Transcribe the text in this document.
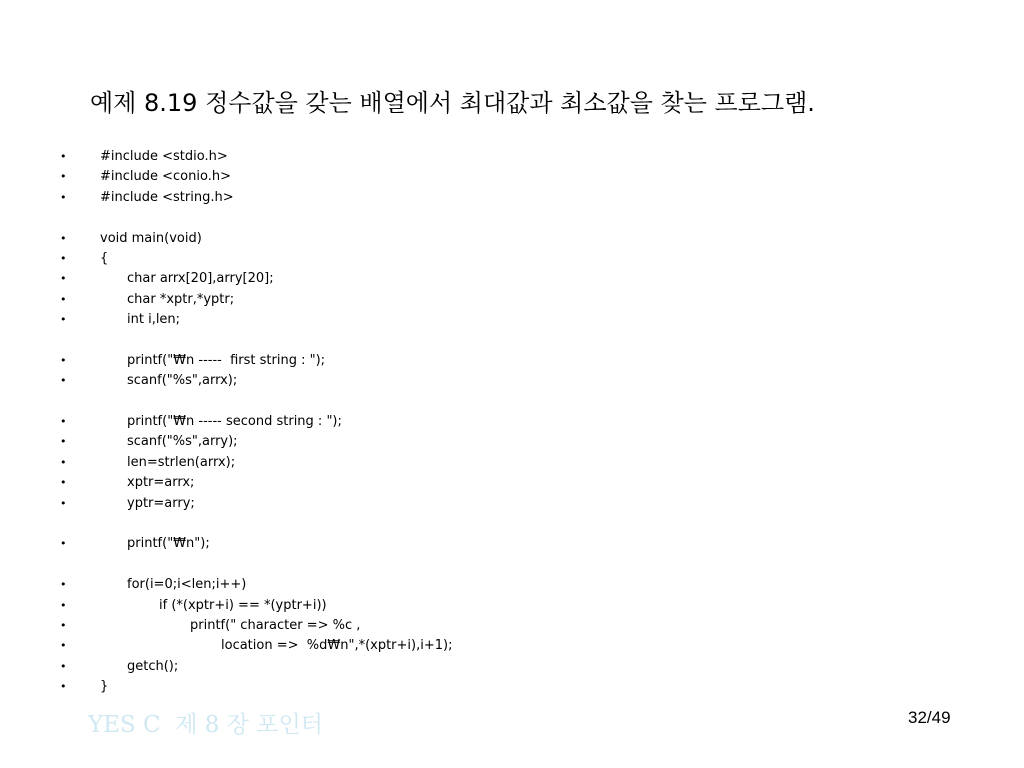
예제 8.19 정수값을 갖는 배열에서 최대값과 최소값을 찾는 프로그램.
•	#include <stdio.h>
•	#include <conio.h>
•	#include <string.h>
•	void main(void)
•	{
•	char arrx[20],arry[20];
•	char *xptr,*yptr;
•	int i,len;
•	printf("₩n -----  first string : ");
•	scanf("%s",arrx);
•	printf("₩n ----- second string : ");
•	scanf("%s",arry);
•	len=strlen(arrx);
•	xptr=arrx;
•	yptr=arry;
•	printf("₩n");
•	for(i=0;i<len;i++)
•	if (*(xptr+i) == *(yptr+i))
•	printf(" character => %c ,
•	location =>  %d₩n",*(xptr+i),i+1);
•	getch();
•	}
YES C  제 8 장 포인터	32/49
